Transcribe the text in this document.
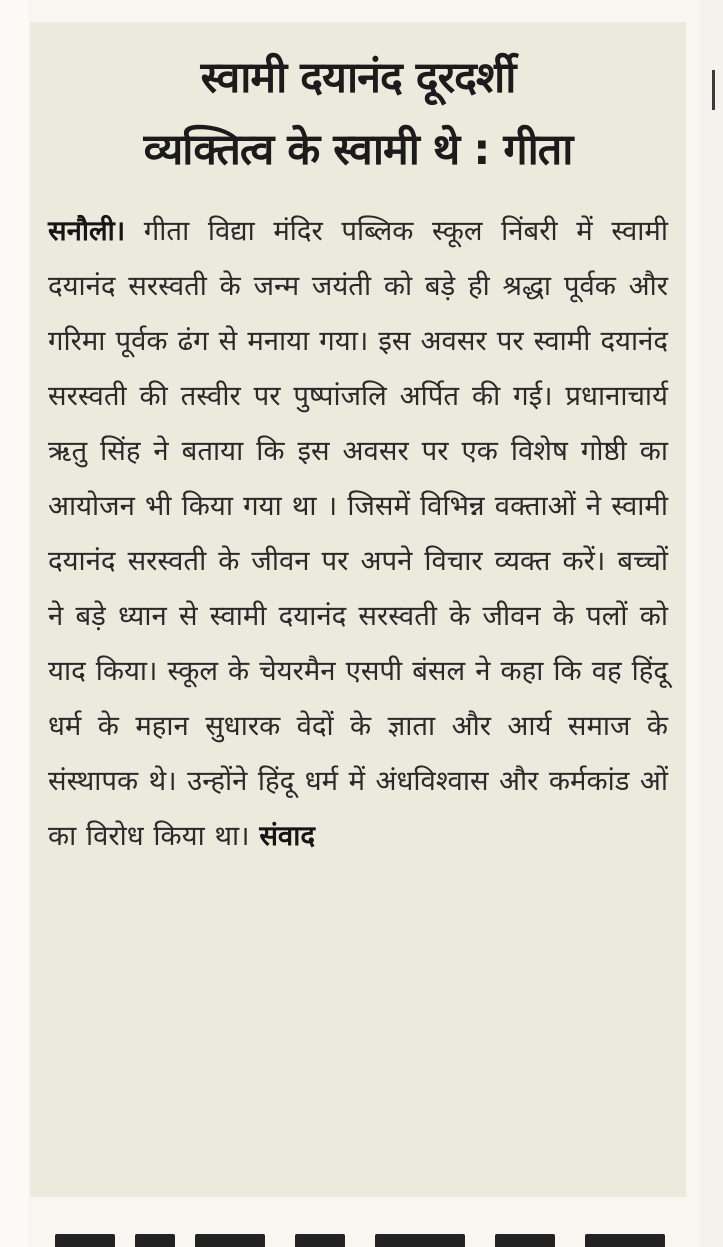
स्वामी दयानंद दूरदर्शी
व्यक्तित्व के स्वामी थे : गीता

सनौली। गीता विद्या मंदिर पब्लिक स्कूल निंबरी में स्वामी दयानंद सरस्वती के जन्म जयंती को बड़े ही श्रद्धा पूर्वक और गरिमा पूर्वक ढंग से मनाया गया। इस अवसर पर स्वामी दयानंद सरस्वती की तस्वीर पर पुष्पांजलि अर्पित की गई। प्रधानाचार्य ऋतु सिंह ने बताया कि इस अवसर पर एक विशेष गोष्ठी का आयोजन भी किया गया था । जिसमें विभिन्न वक्ताओं ने स्वामी दयानंद सरस्वती के जीवन पर अपने विचार व्यक्त करें। बच्चों ने बड़े ध्यान से स्वामी दयानंद सरस्वती के जीवन के पलों को याद किया। स्कूल के चेयरमैन एसपी बंसल ने कहा कि वह हिंदू धर्म के महान सुधारक वेदों के ज्ञाता और आर्य समाज के संस्थापक थे। उन्होंने हिंदू धर्म में अंधविश्वास और कर्मकांड ओं का विरोध किया था। संवाद
